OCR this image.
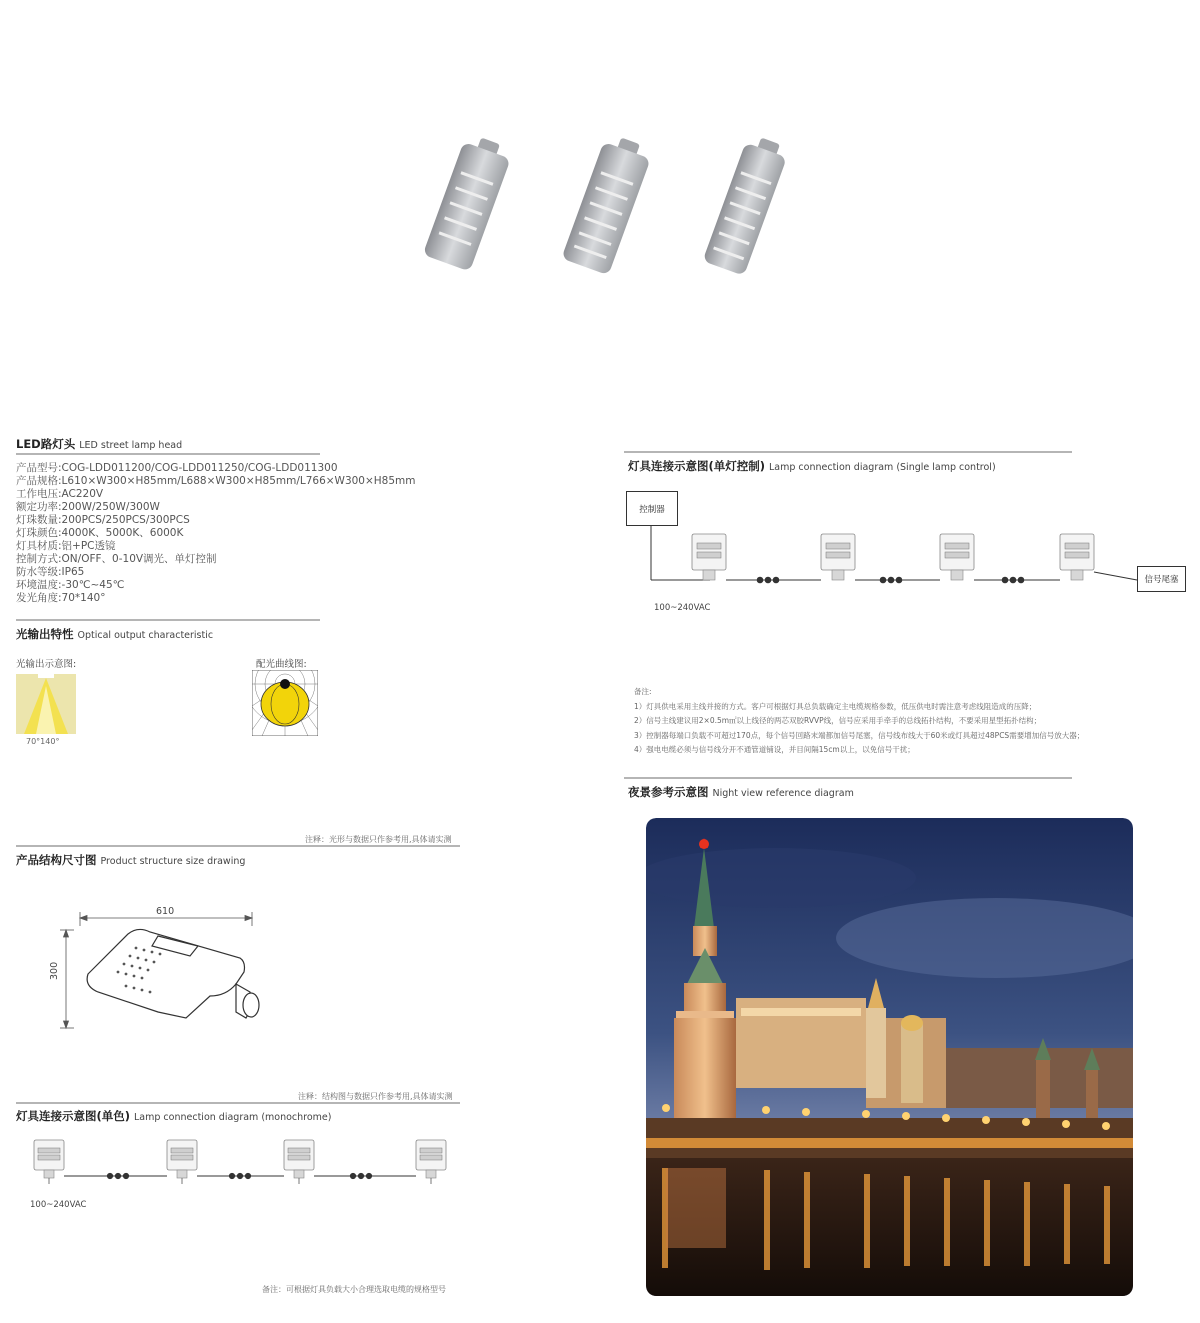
LED路灯头 LED street lamp head
产品型号:COG-LDD011200/COG-LDD011250/COG-LDD011300
产品规格:L610×W300×H85mm/L688×W300×H85mm/L766×W300×H85mm
工作电压:AC220V
额定功率:200W/250W/300W
灯珠数量:200PCS/250PCS/300PCS
灯珠颜色:4000K、5000K、6000K
灯具材质:铝+PC透镜
控制方式:ON/OFF、0-10V调光、单灯控制
防水等级:IP65
环境温度:-30℃~45℃
发光角度:70*140°
光输出特性 Optical output characteristic
光输出示意图:	配光曲线图:
70°140°
注释：光形与数据只作参考用,具体请实测
产品结构尺寸图 Product structure size drawing
610
300
注释：结构图与数据只作参考用,具体请实测
灯具连接示意图(单色) Lamp connection diagram (monochrome)
100~240VAC
备注：可根据灯具负载大小合理选取电缆的规格型号
灯具连接示意图(单灯控制) Lamp connection diagram (Single lamp control)
控制器
信号尾塞
100~240VAC
备注:
1）灯具供电采用主线并接的方式。客户可根据灯具总负载确定主电缆规格参数，低压供电时需注意考虑线阻造成的压降；
2）信号主线建议用2×0.5m㎡以上线径的两芯双胶RVVP线，信号应采用手牵手的总线拓扑结构，不要采用星型拓扑结构；
3）控制器每端口负载不可超过170点，每个信号回路末端都加信号尾塞，信号线布线大于60米或灯具超过48PCS需要增加信号放大器；
4）强电电缆必须与信号线分开不通管道铺设，并目间隔15cm以上，以免信号干扰；
夜景参考示意图 Night view reference diagram
